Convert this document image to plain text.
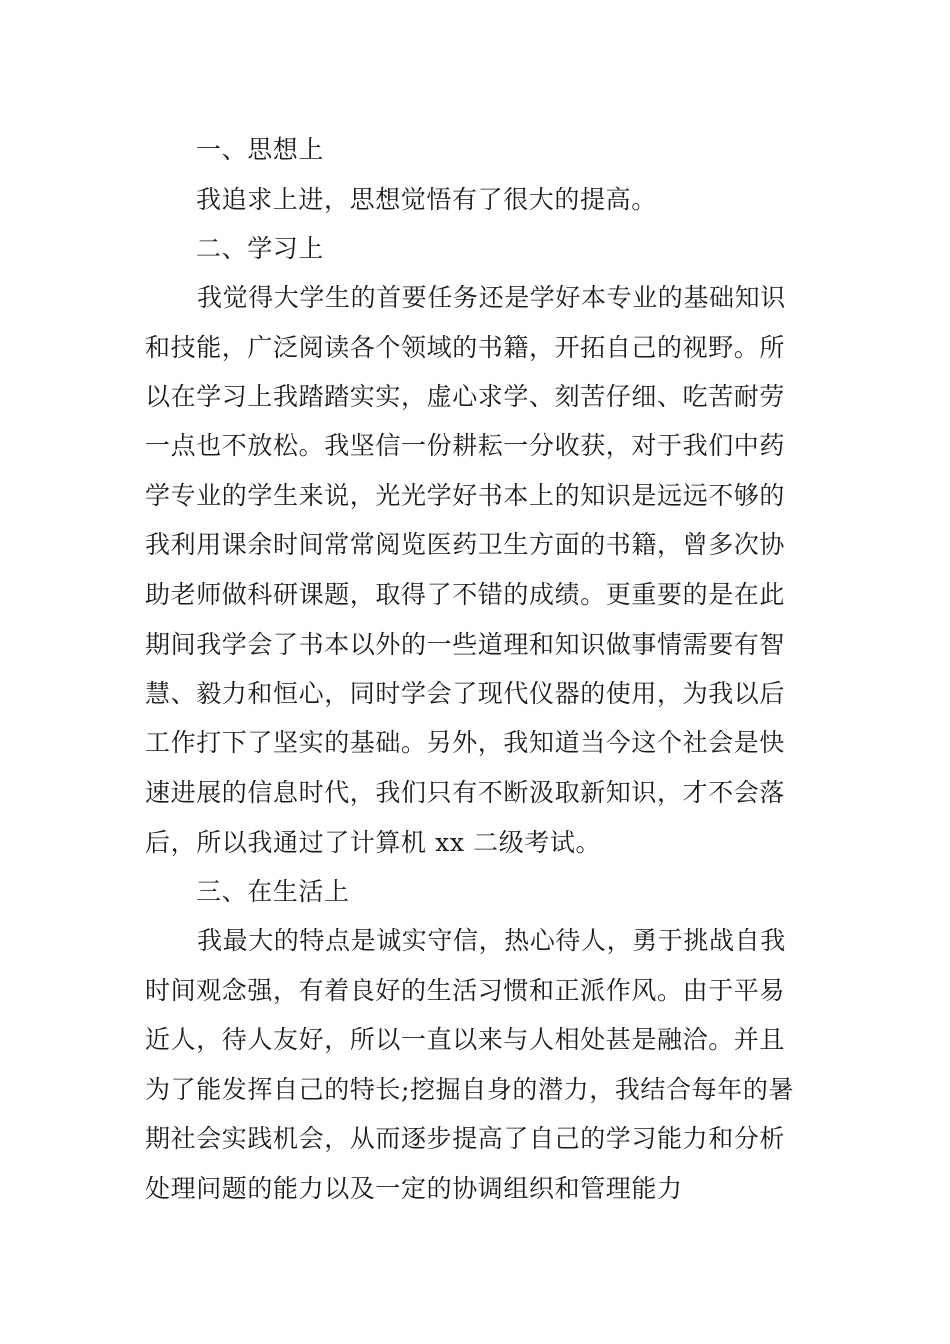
一、思想上
我追求上进，思想觉悟有了很大的提高。
二、学习上
我觉得大学生的首要任务还是学好本专业的基础知识
和技能，广泛阅读各个领域的书籍，开拓自己的视野。所
以在学习上我踏踏实实，虚心求学、刻苦仔细、吃苦耐劳
一点也不放松。我坚信一份耕耘一分收获，对于我们中药
学专业的学生来说，光光学好书本上的知识是远远不够的
我利用课余时间常常阅览医药卫生方面的书籍，曾多次协
助老师做科研课题，取得了不错的成绩。更重要的是在此
期间我学会了书本以外的一些道理和知识做事情需要有智
慧、毅力和恒心，同时学会了现代仪器的使用，为我以后
工作打下了坚实的基础。另外，我知道当今这个社会是快
速进展的信息时代，我们只有不断汲取新知识，才不会落
后，所以我通过了计算机 xx 二级考试。
三、在生活上
我最大的特点是诚实守信，热心待人，勇于挑战自我
时间观念强，有着良好的生活习惯和正派作风。由于平易
近人，待人友好，所以一直以来与人相处甚是融洽。并且
为了能发挥自己的特长;挖掘自身的潜力，我结合每年的暑
期社会实践机会，从而逐步提高了自己的学习能力和分析
处理问题的能力以及一定的协调组织和管理能力
